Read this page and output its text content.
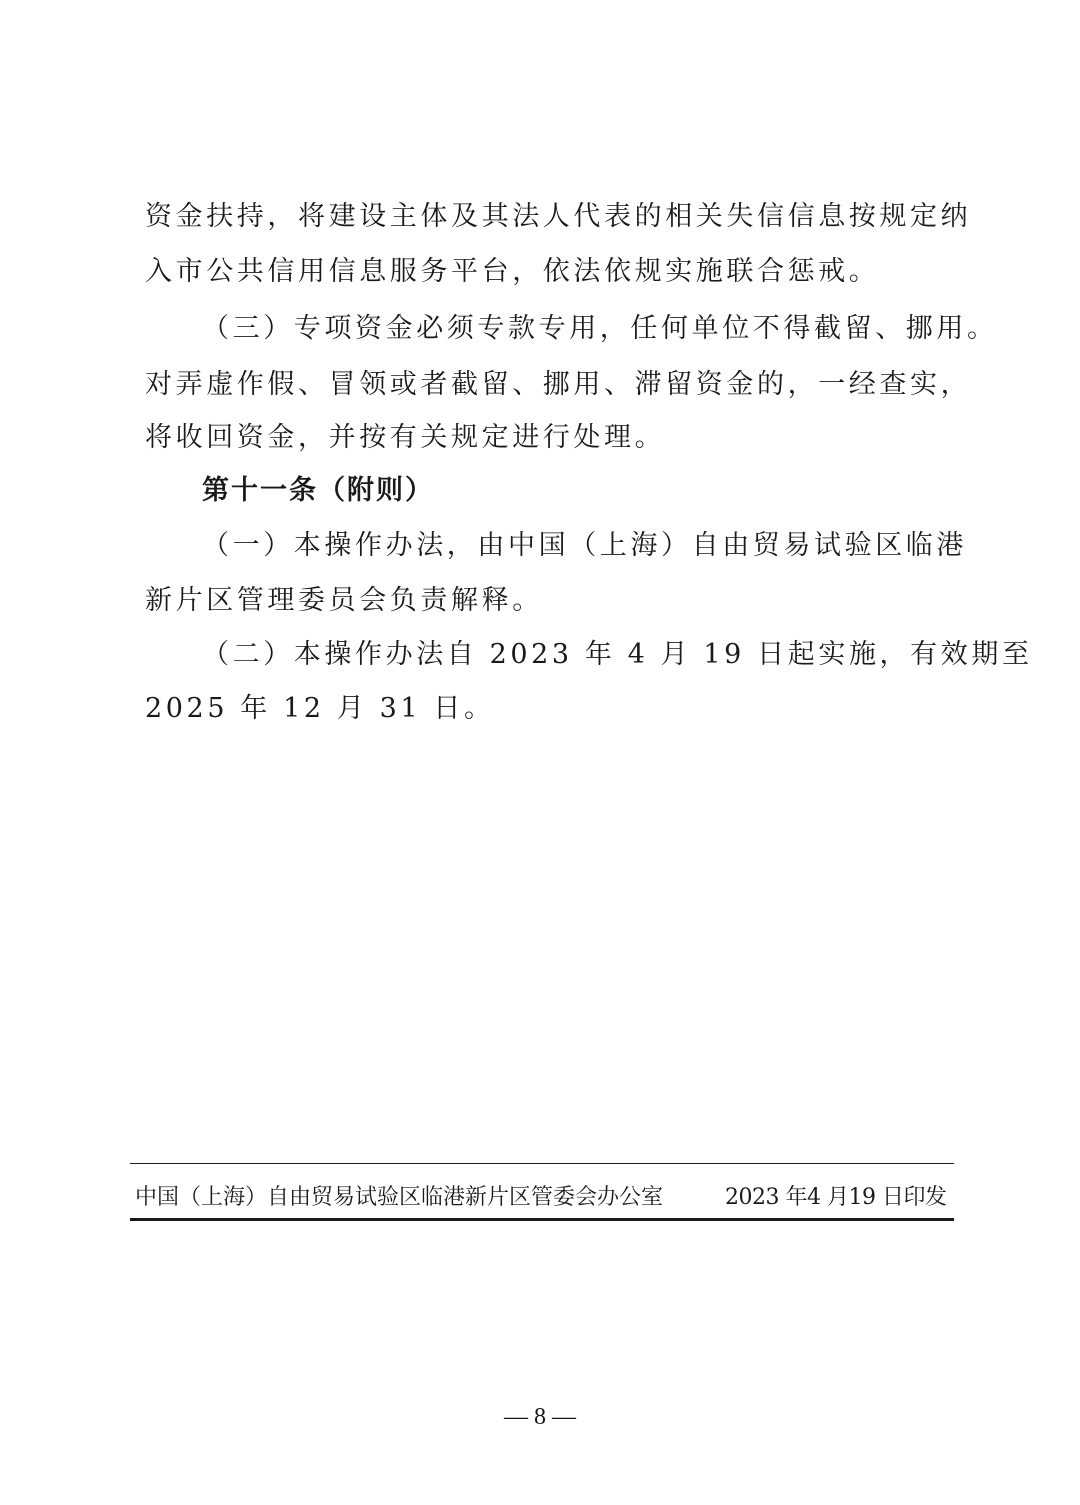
资金扶持，将建设主体及其法人代表的相关失信信息按规定纳
入市公共信用信息服务平台，依法依规实施联合惩戒。
（三）专项资金必须专款专用，任何单位不得截留、挪用。
对弄虚作假、冒领或者截留、挪用、滞留资金的，一经查实，
将收回资金，并按有关规定进行处理。
第十一条（附则）
（一）本操作办法，由中国（上海）自由贸易试验区临港
新片区管理委员会负责解释。
（二）本操作办法自 2023 年 4 月 19 日起实施，有效期至
2025 年 12 月 31 日。
中国（上海）自由贸易试验区临港新片区管委会办公室	2023 年4 月19 日印发
— 8 —
